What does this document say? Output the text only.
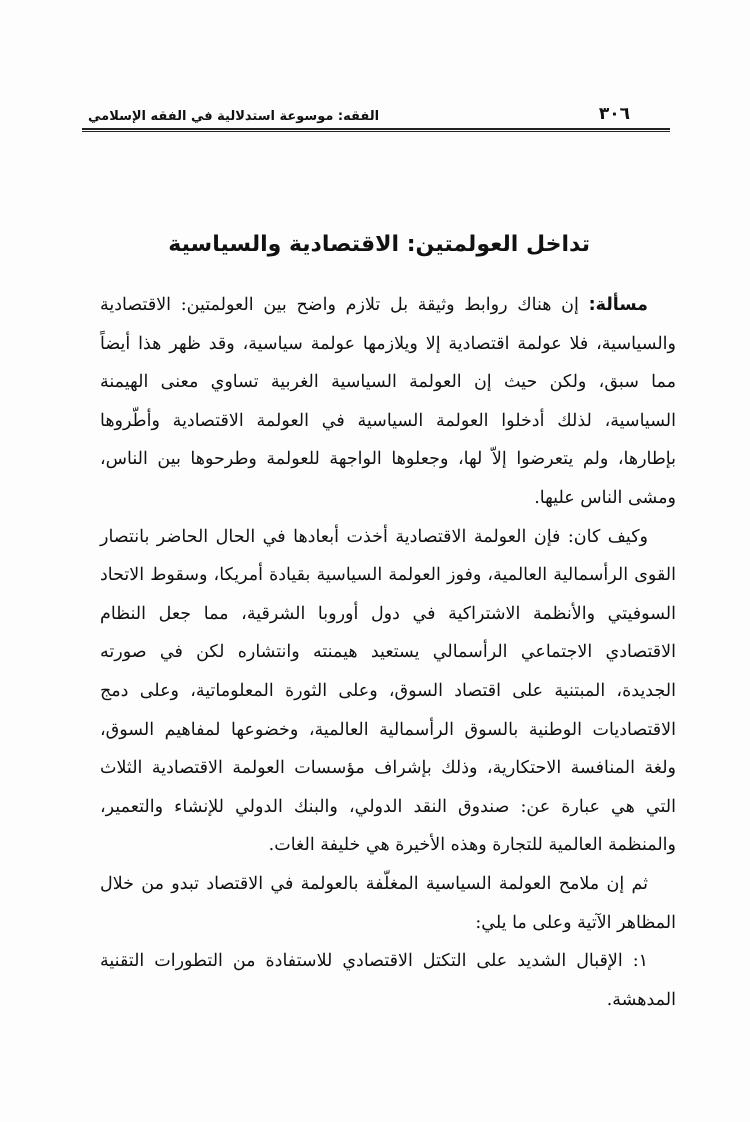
٣٠٦
الفقه: موسوعة استدلالية في الفقه الإسلامي
تداخل العولمتين: الاقتصادية والسياسية

مسألة: إن هناك روابط وثيقة بل تلازم واضح بين العولمتين: الاقتصادية والسياسية، فلا عولمة اقتصادية إلا ويلازمها عولمة سياسية، وقد ظهر هذا أيضاً مما سبق، ولكن حيث إن العولمة السياسية الغربية تساوي معنى الهيمنة السياسية، لذلك أدخلوا العولمة السياسية في العولمة الاقتصادية وأطّروها بإطارها، ولم يتعرضوا إلاّ لها، وجعلوها الواجهة للعولمة وطرحوها بين الناس، ومشى الناس عليها.

وكيف كان: فإن العولمة الاقتصادية أخذت أبعادها في الحال الحاضر بانتصار القوى الرأسمالية العالمية، وفوز العولمة السياسية بقيادة أمريكا، وسقوط الاتحاد السوفيتي والأنظمة الاشتراكية في دول أوروبا الشرقية، مما جعل النظام الاقتصادي الاجتماعي الرأسمالي يستعيد هيمنته وانتشاره لكن في صورته الجديدة، المبتنية على اقتصاد السوق، وعلى الثورة المعلوماتية، وعلى دمج الاقتصاديات الوطنية بالسوق الرأسمالية العالمية، وخضوعها لمفاهيم السوق، ولغة المنافسة الاحتكارية، وذلك بإشراف مؤسسات العولمة الاقتصادية الثلاث التي هي عبارة عن: صندوق النقد الدولي، والبنك الدولي للإنشاء والتعمير، والمنظمة العالمية للتجارة وهذه الأخيرة هي خليفة الغات.

ثم إن ملامح العولمة السياسية المغلّفة بالعولمة في الاقتصاد تبدو من خلال المظاهر الآتية وعلى ما يلي:

١: الإقبال الشديد على التكتل الاقتصادي للاستفادة من التطورات التقنية المدهشة.
